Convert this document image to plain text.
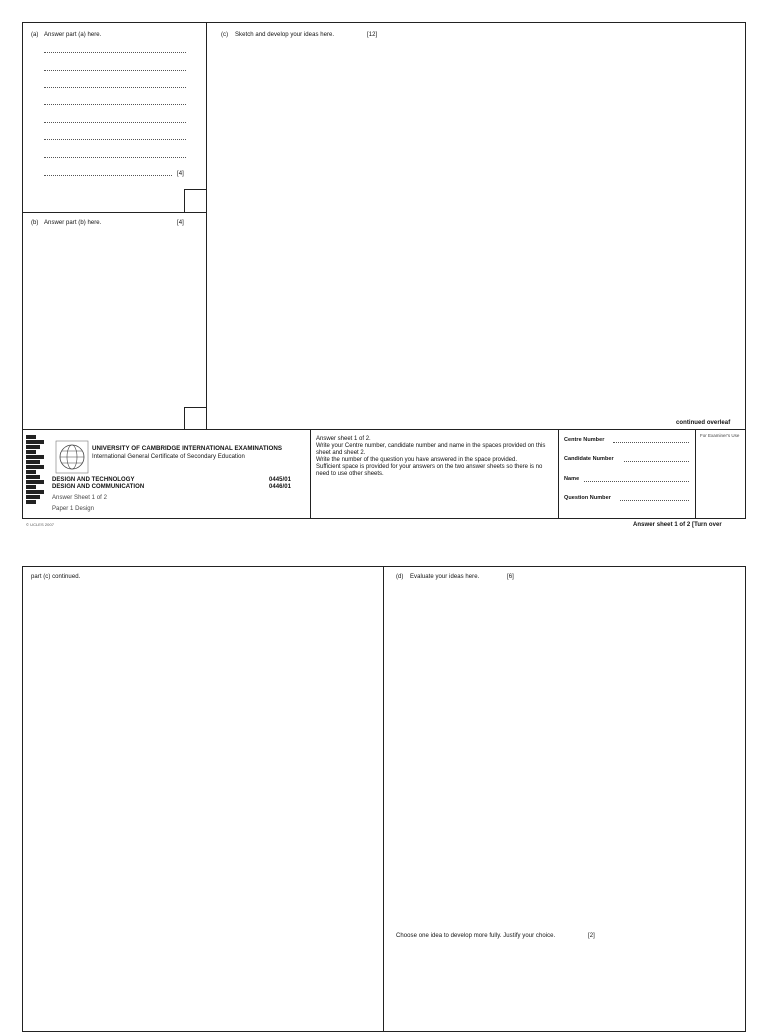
(a) Answer part (a) here.
[4]
(b) Answer part (b) here.	[4]
(c) Sketch and develop your ideas here.	[12]
continued overleaf
UNIVERSITY OF CAMBRIDGE INTERNATIONAL EXAMINATIONS
International General Certificate of Secondary Education
DESIGN AND TECHNOLOGY	0445/01
DESIGN AND COMMUNICATION	0446/01
Answer Sheet 1 of 2
Paper 1 Design
© UCLES 2007
Answer sheet 1 of 2.
Write your Centre number, candidate number and name in the spaces provided on this sheet and sheet 2.
Write the number of the question you have answered in the space provided.
Sufficient space is provided for your answers on the two answer sheets so there is no need to use other sheets.
Centre Number
Candidate Number
Name
Question Number
For Examiner's Use
Answer sheet 1 of 2 [Turn over
part (c) continued.	(d) Evaluate your ideas here.	[6]
Choose one idea to develop more fully. Justify your choice.	[2]
